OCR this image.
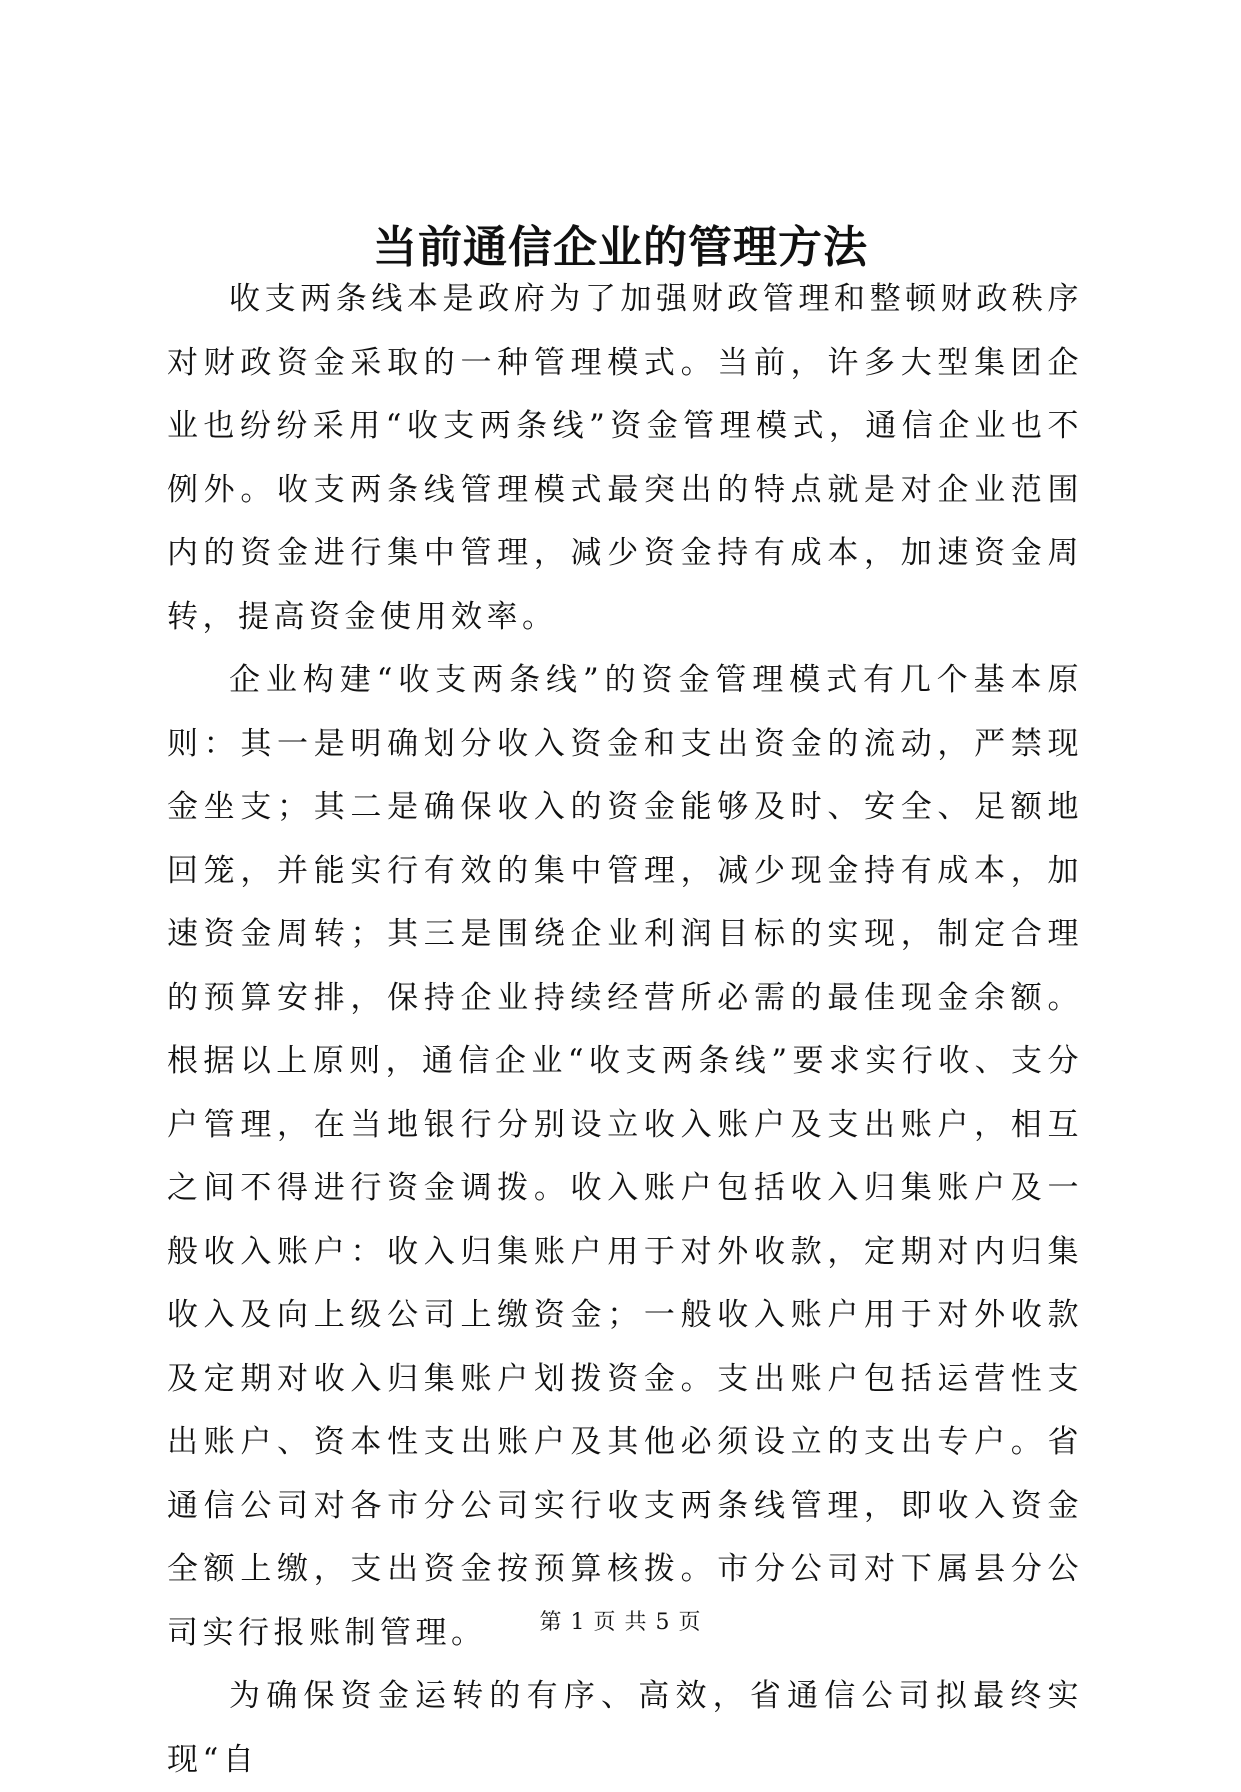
当前通信企业的管理方法

收支两条线本是政府为了加强财政管理和整顿财政秩序对财政资金采取的一种管理模式。当前，许多大型集团企业也纷纷采用“收支两条线”资金管理模式，通信企业也不例外。收支两条线管理模式最突出的特点就是对企业范围内的资金进行集中管理，减少资金持有成本，加速资金周转，提高资金使用效率。

企业构建“收支两条线”的资金管理模式有几个基本原则：其一是明确划分收入资金和支出资金的流动，严禁现金坐支；其二是确保收入的资金能够及时、安全、足额地回笼，并能实行有效的集中管理，减少现金持有成本，加速资金周转；其三是围绕企业利润目标的实现，制定合理的预算安排，保持企业持续经营所必需的最佳现金余额。根据以上原则，通信企业“收支两条线”要求实行收、支分户管理，在当地银行分别设立收入账户及支出账户，相互之间不得进行资金调拨。收入账户包括收入归集账户及一般收入账户：收入归集账户用于对外收款，定期对内归集收入及向上级公司上缴资金；一般收入账户用于对外收款及定期对收入归集账户划拨资金。支出账户包括运营性支出账户、资本性支出账户及其他必须设立的支出专户。省通信公司对各市分公司实行收支两条线管理，即收入资金全额上缴，支出资金按预算核拨。市分公司对下属县分公司实行报账制管理。

为确保资金运转的有序、高效，省通信公司拟最终实现“自

第 1 页 共 5 页
